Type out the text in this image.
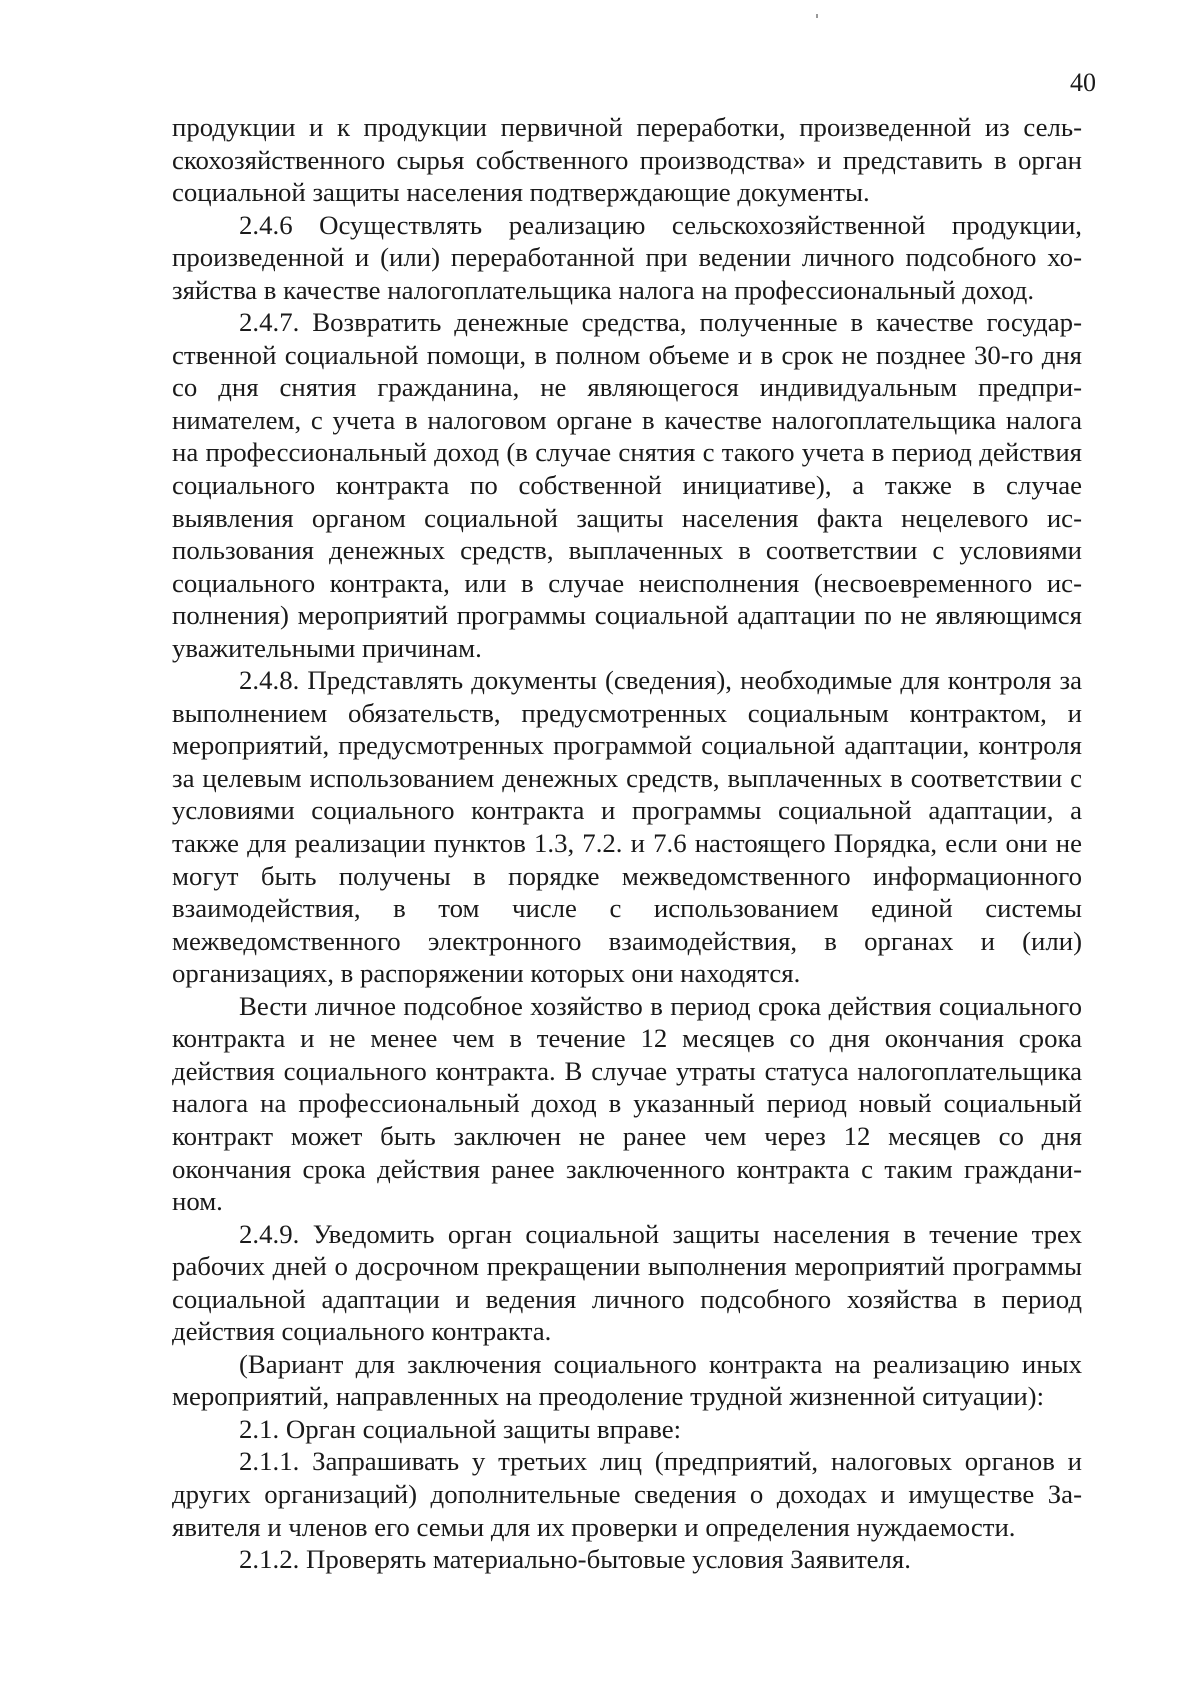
40

продукции и к продукции первичной переработки, произведенной из сельскохозяйственного сырья собственного производства» и представить в орган социальной защиты населения подтверждающие документы.

2.4.6 Осуществлять реализацию сельскохозяйственной продукции, произведенной и (или) переработанной при ведении личного подсобного хозяйства в качестве налогоплательщика налога на профессиональный доход.

2.4.7. Возвратить денежные средства, полученные в качестве государственной социальной помощи, в полном объеме и в срок не позднее 30-го дня со дня снятия гражданина, не являющегося индивидуальным предпринимателем, с учета в налоговом органе в качестве налогоплательщика налога на профессиональный доход (в случае снятия с такого учета в период действия социального контракта по собственной инициативе), а также в случае выявления органом социальной защиты населения факта нецелевого использования денежных средств, выплаченных в соответствии с условиями социального контракта, или в случае неисполнения (несвоевременного исполнения) мероприятий программы социальной адаптации по не являющимся уважительными причинам.

2.4.8. Представлять документы (сведения), необходимые для контроля за выполнением обязательств, предусмотренных социальным контрактом, и мероприятий, предусмотренных программой социальной адаптации, контроля за целевым использованием денежных средств, выплаченных в соответствии с условиями социального контракта и программы социальной адаптации, а также для реализации пунктов 1.3, 7.2. и 7.6 настоящего Порядка, если они не могут быть получены в порядке межведомственного информационного взаимодействия, в том числе с использованием единой системы межведомственного электронного взаимодействия, в органах и (или) организациях, в распоряжении которых они находятся.

Вести личное подсобное хозяйство в период срока действия социального контракта и не менее чем в течение 12 месяцев со дня окончания срока действия социального контракта. В случае утраты статуса налогоплательщика налога на профессиональный доход в указанный период новый социальный контракт может быть заключен не ранее чем через 12 месяцев со дня окончания срока действия ранее заключенного контракта с таким гражданином.

2.4.9. Уведомить орган социальной защиты населения в течение трех рабочих дней о досрочном прекращении выполнения мероприятий программы социальной адаптации и ведения личного подсобного хозяйства в период действия социального контракта.

(Вариант для заключения социального контракта на реализацию иных мероприятий, направленных на преодоление трудной жизненной ситуации):

2.1. Орган социальной защиты вправе:

2.1.1. Запрашивать у третьих лиц (предприятий, налоговых органов и других организаций) дополнительные сведения о доходах и имуществе Заявителя и членов его семьи для их проверки и определения нуждаемости.

2.1.2. Проверять материально-бытовые условия Заявителя.
